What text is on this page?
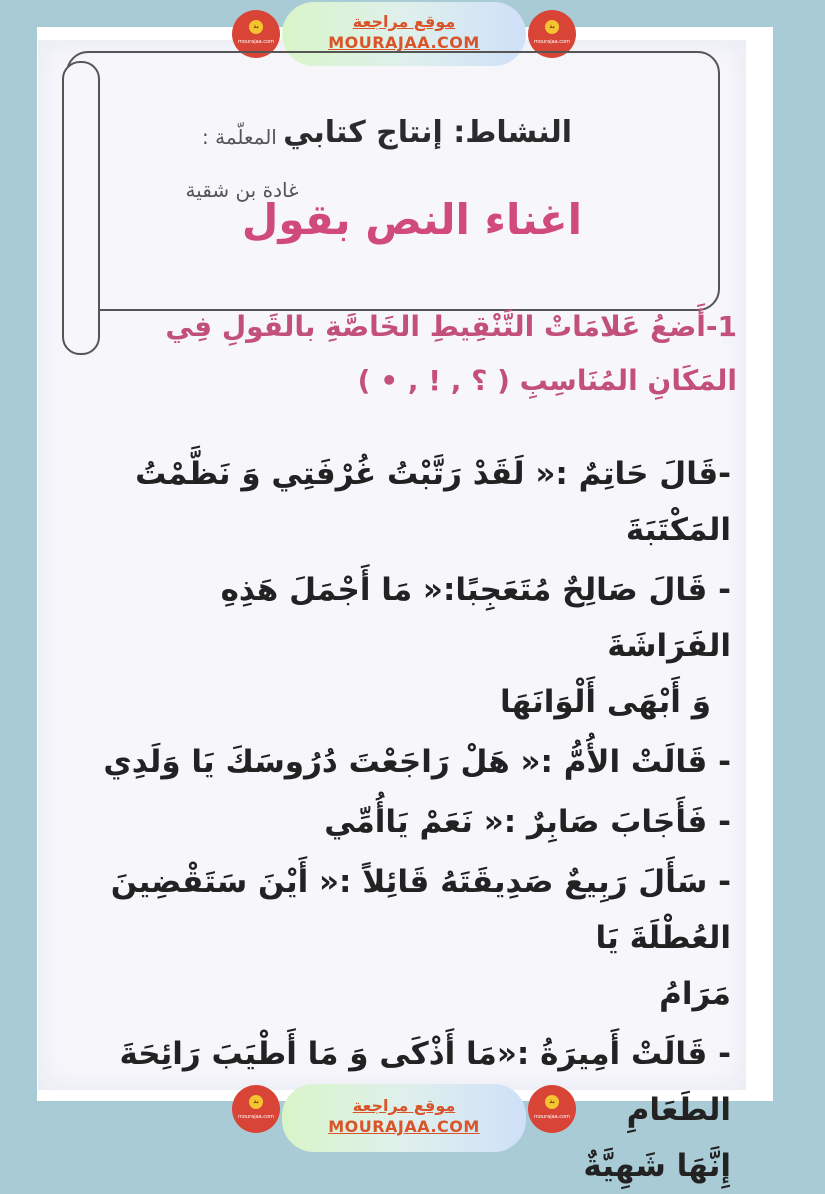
ﺑﺬ
mourajaa.com
موقع مراجعة
MOURAJAA.COM
ﺑﺬ
mourajaa.com
النشاط: إنتاج كتابي
المعلّمة :
غادة بن شقية
اغناء النص بقول
1-أَضعُ عَلامَاتْ التَّنْقِيطِ الخَاصَّةِ بالقَولِ فِي
المَكَانِ المُنَاسِبِ ( ؟ , ! , • )

-قَالَ حَاتِمٌ :« لَقَدْ رَتَّبْتُ غُرْفَتِي وَ نَظَّمْتُ المَكْتَبَةَ

- قَالَ صَالِحٌ مُتَعَجِبًا:« مَا أَجْمَلَ هَذِهِ الفَرَاشَةَ

وَ أَبْهَى أَلْوَانَهَا

- قَالَتْ الأُمُّ :« هَلْ رَاجَعْتَ دُرُوسَكَ يَا وَلَدِي

- فَأَجَابَ صَابِرٌ :« نَعَمْ يَاأُمِّي

- سَأَلَ رَبِيعٌ صَدِيقَتَهُ قَائِلاً :« أَيْنَ سَتَقْضِينَ العُطْلَةَ يَا

مَرَامُ

- قَالَتْ أَمِيرَةُ :«مَا أَذْكَى وَ مَا أَطْيَبَ رَائِحَةَ الطَعَامِ

إِنَّهَا شَهِيَّةٌ

ﺑﺬ
mourajaa.com
موقع مراجعة
MOURAJAA.COM
ﺑﺬ
mourajaa.com
